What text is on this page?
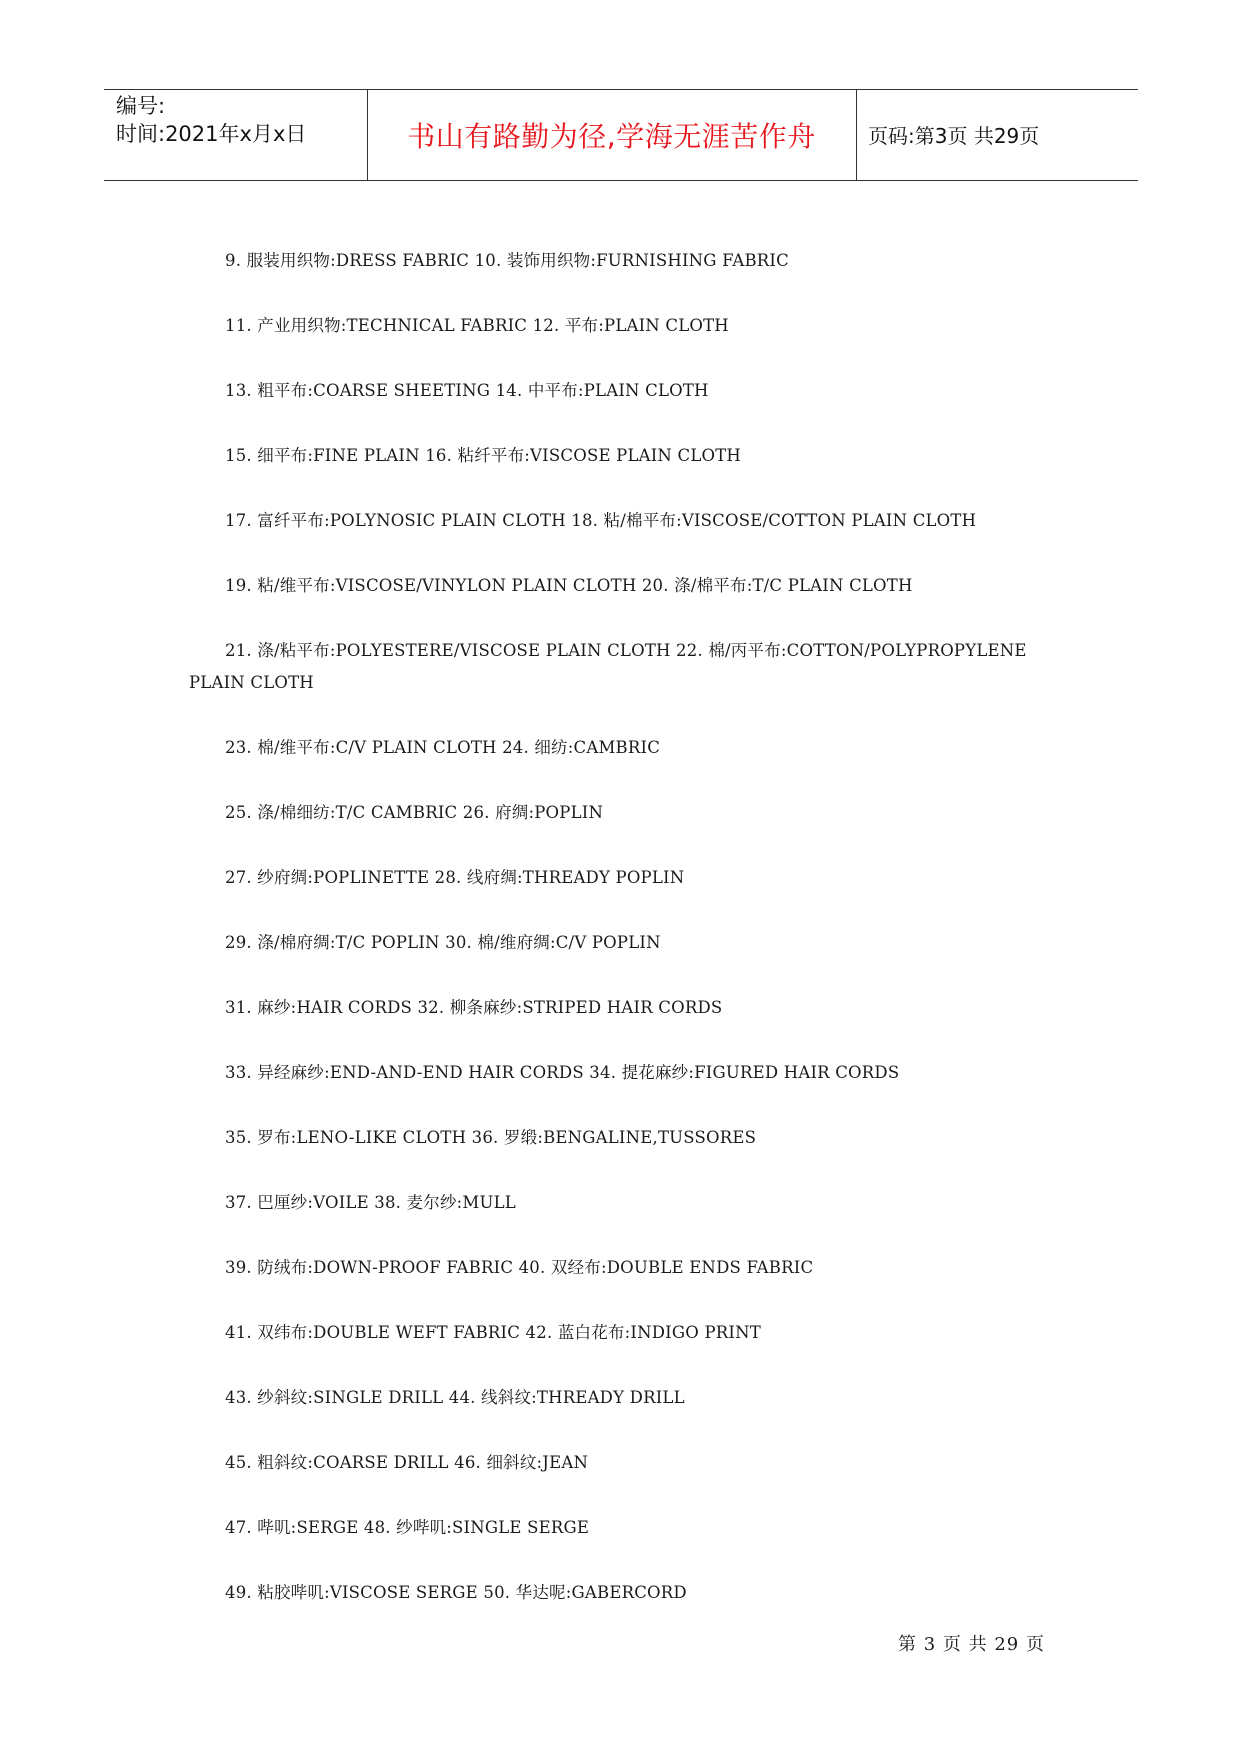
编号:
时间:2021年x月x日	书山有路勤为径,学海无涯苦作舟	页码:第3页 共29页
9. 服装用织物:DRESS FABRIC 10. 装饰用织物:FURNISHING FABRIC
11. 产业用织物:TECHNICAL FABRIC 12. 平布:PLAIN CLOTH
13. 粗平布:COARSE SHEETING 14. 中平布:PLAIN CLOTH
15. 细平布:FINE PLAIN 16. 粘纤平布:VISCOSE PLAIN CLOTH
17. 富纤平布:POLYNOSIC PLAIN CLOTH 18. 粘/棉平布:VISCOSE/COTTON PLAIN CLOTH
19. 粘/维平布:VISCOSE/VINYLON PLAIN CLOTH 20. 涤/棉平布:T/C PLAIN CLOTH
21. 涤/粘平布:POLYESTERE/VISCOSE PLAIN CLOTH 22. 棉/丙平布:COTTON/POLYPROPYLENE PLAIN CLOTH
23. 棉/维平布:C/V PLAIN CLOTH 24. 细纺:CAMBRIC
25. 涤/棉细纺:T/C CAMBRIC 26. 府绸:POPLIN
27. 纱府绸:POPLINETTE 28. 线府绸:THREADY POPLIN
29. 涤/棉府绸:T/C POPLIN 30. 棉/维府绸:C/V POPLIN
31. 麻纱:HAIR CORDS 32. 柳条麻纱:STRIPED HAIR CORDS
33. 异经麻纱:END-AND-END HAIR CORDS 34. 提花麻纱:FIGURED HAIR CORDS
35. 罗布:LENO-LIKE CLOTH 36. 罗缎:BENGALINE,TUSSORES
37. 巴厘纱:VOILE 38. 麦尔纱:MULL
39. 防绒布:DOWN-PROOF FABRIC 40. 双经布:DOUBLE ENDS FABRIC
41. 双纬布:DOUBLE WEFT FABRIC 42. 蓝白花布:INDIGO PRINT
43. 纱斜纹:SINGLE DRILL 44. 线斜纹:THREADY DRILL
45. 粗斜纹:COARSE DRILL 46. 细斜纹:JEAN
47. 哔叽:SERGE 48. 纱哔叽:SINGLE SERGE
49. 粘胶哔叽:VISCOSE SERGE 50. 华达呢:GABERCORD
第 3 页 共 29 页
